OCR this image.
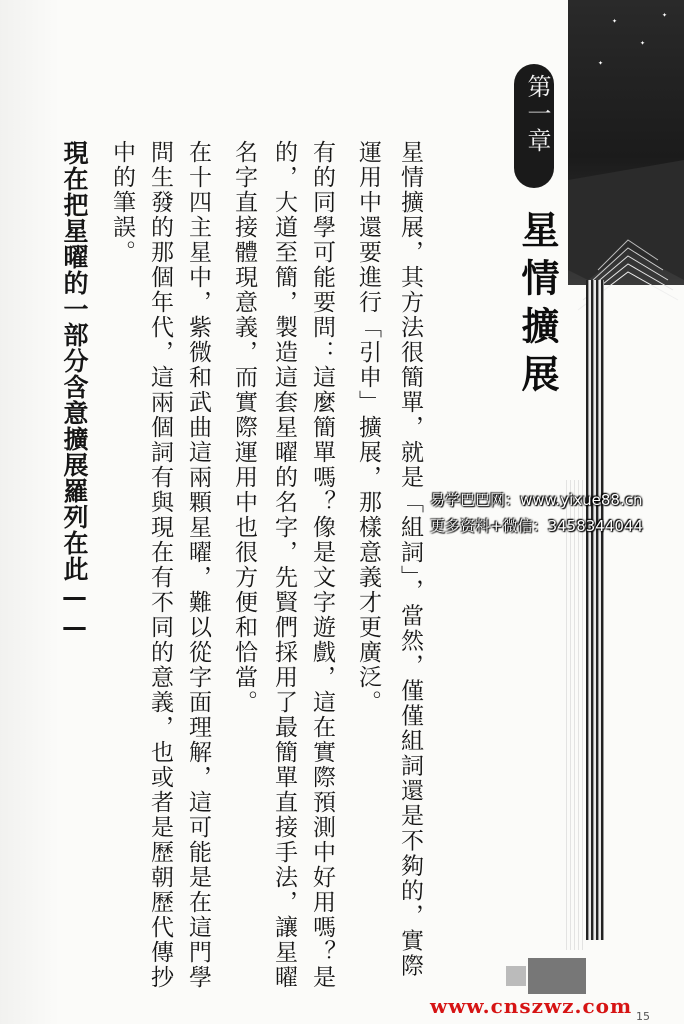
✦
✦
✦
✦
第一章
星情擴展
星情擴展，其方法很簡單，就是「組詞」，當然，僅僅組詞還是不夠的，實際
運用中還要進行「引申」擴展，那樣意義才更廣泛。
有的同學可能要問：這麼簡單嗎？像是文字遊戲，這在實際預測中好用嗎？是
的，大道至簡，製造這套星曜的名字，先賢們採用了最簡單直接手法，讓星曜
名字直接體現意義，而實際運用中也很方便和恰當。
在十四主星中，紫微和武曲這兩顆星曜，難以從字面理解，這可能是在這門學
問生發的那個年代，這兩個詞有與現在有不同的意義，也或者是歷朝歷代傳抄
中的筆誤。
現在把星曜的一部分含意擴展羅列在此——	易学巴巴网：www.yixue88.cn
更多资料+微信：3458344044
www.cnszwz.com 15
